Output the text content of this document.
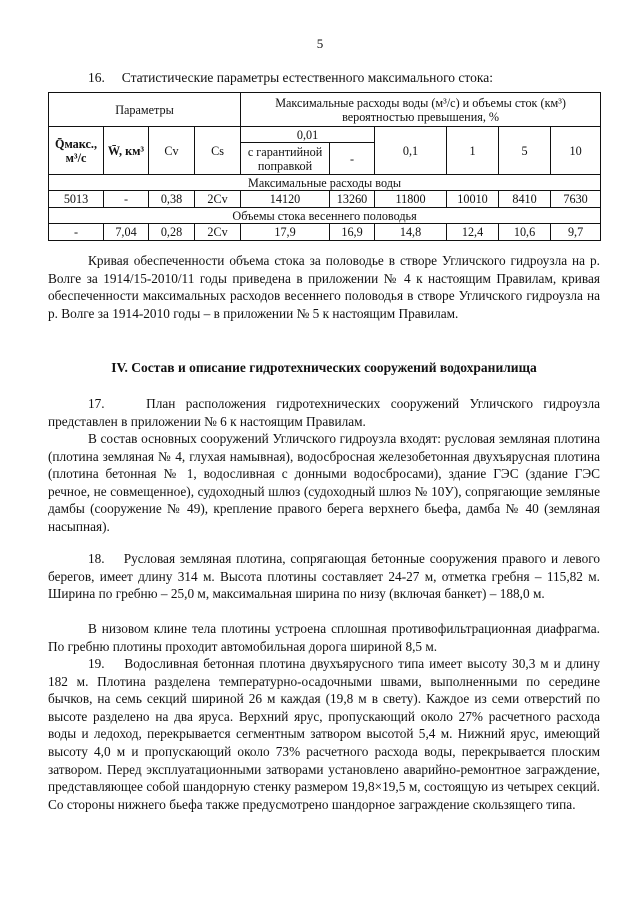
5
16.     Статистические параметры естественного максимального стока:
Параметры				Максимальные расходы воды (м³/с) и объемы сток (км³) вероятностью превышения, %					
Q̄макс., м³/с	W̄, км³	Cv	Cs	0,01		0,1	1	5	10
				с гарантийной поправкой	-				
Максимальные расходы воды									
5013	-	0,38	2Cv	14120	13260	11800	10010	8410	7630
Объемы стока весеннего половодья									
-	7,04	0,28	2Cv	17,9	16,9	14,8	12,4	10,6	9,7
Кривая обеспеченности объема стока за половодье в створе Угличского гидроузла на р. Волге за 1914/15-2010/11 годы приведена в приложении № 4 к настоящим Правилам, кривая обеспеченности максимальных расходов весеннего половодья в створе Угличского гидроузла на р. Волге за 1914-2010 годы – в приложении № 5 к настоящим Правилам.
IV. Состав и описание гидротехнических сооружений водохранилища
17.    План расположения гидротехнических сооружений Угличского гидроузла представлен в приложении № 6 к настоящим Правилам.
В состав основных сооружений Угличского гидроузла входят: русловая земляная плотина (плотина земляная № 4, глухая намывная), водосбросная железобетонная двухъярусная плотина (плотина бетонная № 1, водосливная с донными водосбросами), здание ГЭС (здание ГЭС речное, не совмещенное), судоходный шлюз (судоходный шлюз № 10У), сопрягающие земляные дамбы (сооружение № 49), крепление правого берега верхнего бьефа, дамба № 40 (земляная насыпная).
18.    Русловая земляная плотина, сопрягающая бетонные сооружения правого и левого берегов, имеет длину 314 м. Высота плотины составляет 24-27 м, отметка гребня – 115,82 м. Ширина по гребню – 25,0 м, максимальная ширина по низу (включая банкет) – 188,0 м.
В низовом клине тела плотины устроена сплошная противофильтрационная диафрагма. По гребню плотины проходит автомобильная дорога шириной 8,5 м.
19.    Водосливная бетонная плотина двухъярусного типа имеет высоту 30,3 м и длину 182 м. Плотина разделена температурно-осадочными швами, выполненными по середине бычков, на семь секций шириной 26 м каждая (19,8 м в свету). Каждое из семи отверстий по высоте разделено на два яруса. Верхний ярус, пропускающий около 27% расчетного расхода воды и ледоход, перекрывается сегментным затвором высотой 5,4 м. Нижний ярус, имеющий высоту 4,0 м и пропускающий около 73% расчетного расхода воды, перекрывается плоским затвором. Перед эксплуатационными затворами установлено аварийно-ремонтное заграждение, представляющее собой шандорную стенку размером 19,8×19,5 м, состоящую из четырех секций. Со стороны нижнего бьефа также предусмотрено шандорное заграждение скользящего типа.
